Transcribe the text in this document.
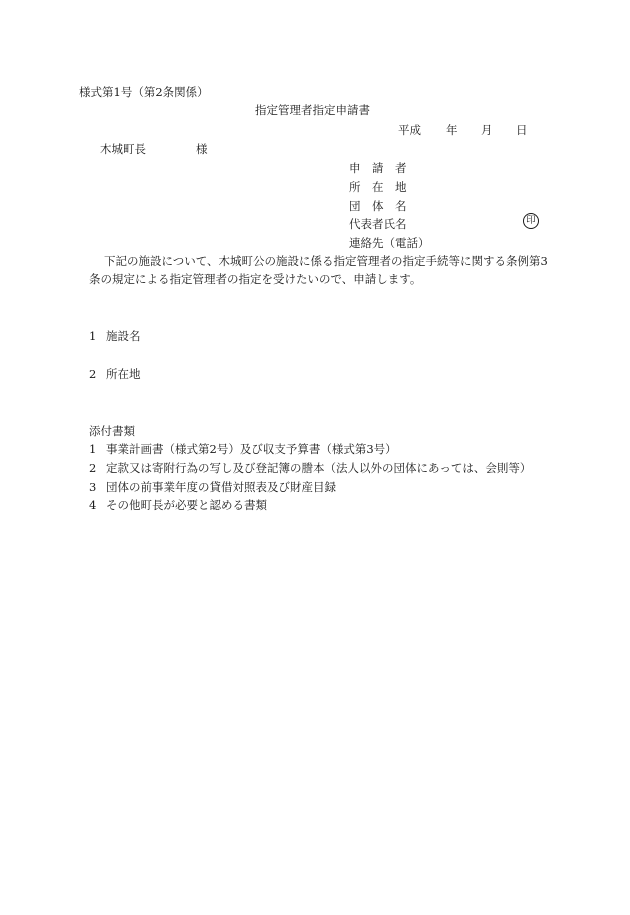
様式第1号（第2条関係）
指定管理者指定申請書
平成 年 月 日
木城町長	様
申　請　者
所　在　地
団　体　名
代表者氏名	印
連絡先（電話）
下記の施設について、木城町公の施設に係る指定管理者の指定手続等に関する条例第3
条の規定による指定管理者の指定を受けたいので、申請します。
1 施設名
2 所在地
添付書類
1 事業計画書（様式第2号）及び収支予算書（様式第3号）
2 定款又は寄附行為の写し及び登記簿の謄本（法人以外の団体にあっては、会則等）
3 団体の前事業年度の貸借対照表及び財産目録
4 その他町長が必要と認める書類
